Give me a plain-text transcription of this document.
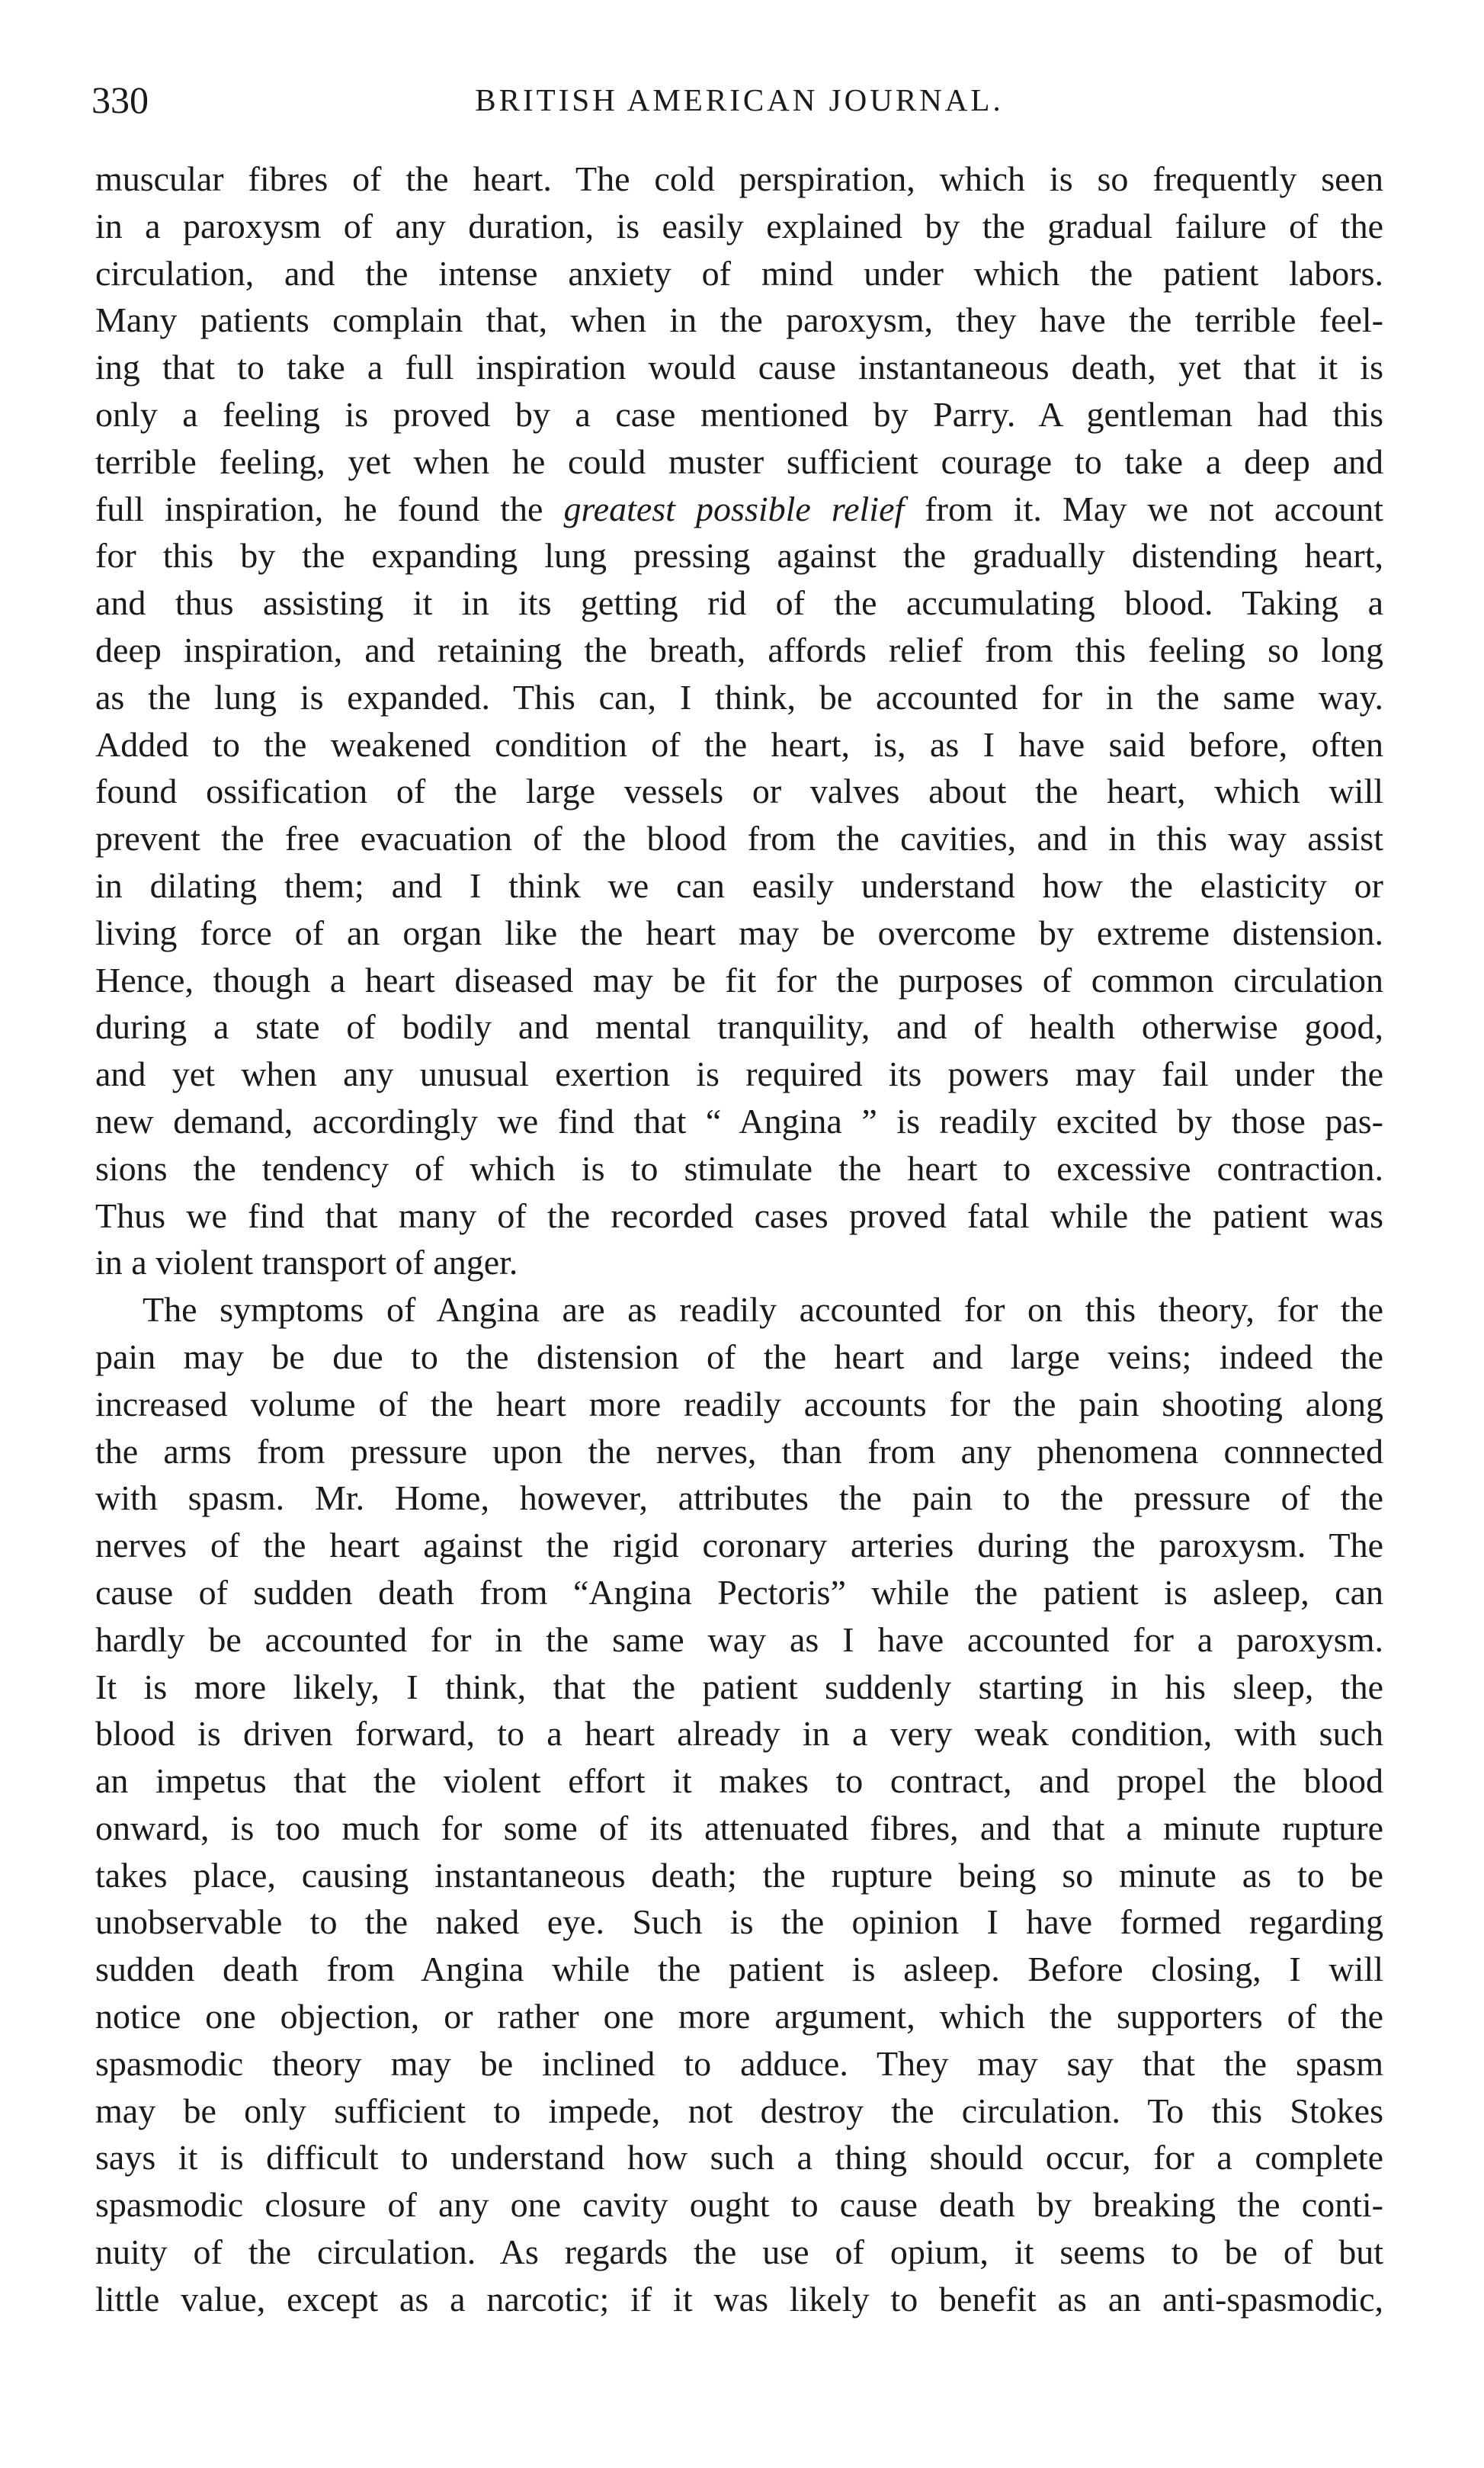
330	BRITISH AMERICAN JOURNAL.
muscular fibres of the heart. The cold perspiration, which is so frequently seen
in a paroxysm of any duration, is easily explained by the gradual failure of the
circulation, and the intense anxiety of mind under which the patient labors.
Many patients complain that, when in the paroxysm, they have the terrible feel-
ing that to take a full inspiration would cause instantaneous death, yet that it is
only a feeling is proved by a case mentioned by Parry. A gentleman had this
terrible feeling, yet when he could muster sufficient courage to take a deep and
full inspiration, he found the greatest possible relief from it. May we not account
for this by the expanding lung pressing against the gradually distending heart,
and thus assisting it in its getting rid of the accumulating blood. Taking a
deep inspiration, and retaining the breath, affords relief from this feeling so long
as the lung is expanded. This can, I think, be accounted for in the same way.
Added to the weakened condition of the heart, is, as I have said before, often
found ossification of the large vessels or valves about the heart, which will
prevent the free evacuation of the blood from the cavities, and in this way assist
in dilating them; and I think we can easily understand how the elasticity or
living force of an organ like the heart may be overcome by extreme distension.
Hence, though a heart diseased may be fit for the purposes of common circulation
during a state of bodily and mental tranquility, and of health otherwise good,
and yet when any unusual exertion is required its powers may fail under the
new demand, accordingly we find that “ Angina ” is readily excited by those pas-
sions the tendency of which is to stimulate the heart to excessive contraction.
Thus we find that many of the recorded cases proved fatal while the patient was
in a violent transport of anger.
The symptoms of Angina are as readily accounted for on this theory, for the
pain may be due to the distension of the heart and large veins; indeed the
increased volume of the heart more readily accounts for the pain shooting along
the arms from pressure upon the nerves, than from any phenomena connnected
with spasm. Mr. Home, however, attributes the pain to the pressure of the
nerves of the heart against the rigid coronary arteries during the paroxysm. The
cause of sudden death from “Angina Pectoris” while the patient is asleep, can
hardly be accounted for in the same way as I have accounted for a paroxysm.
It is more likely, I think, that the patient suddenly starting in his sleep, the
blood is driven forward, to a heart already in a very weak condition, with such
an impetus that the violent effort it makes to contract, and propel the blood
onward, is too much for some of its attenuated fibres, and that a minute rupture
takes place, causing instantaneous death; the rupture being so minute as to be
unobservable to the naked eye. Such is the opinion I have formed regarding
sudden death from Angina while the patient is asleep. Before closing, I will
notice one objection, or rather one more argument, which the supporters of the
spasmodic theory may be inclined to adduce. They may say that the spasm
may be only sufficient to impede, not destroy the circulation. To this Stokes
says it is difficult to understand how such a thing should occur, for a complete
spasmodic closure of any one cavity ought to cause death by breaking the conti-
nuity of the circulation. As regards the use of opium, it seems to be of but
little value, except as a narcotic; if it was likely to benefit as an anti-spasmodic,
